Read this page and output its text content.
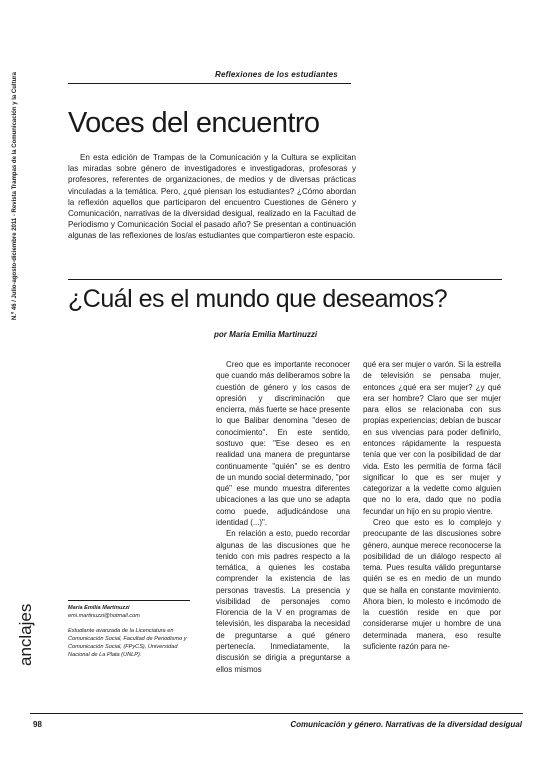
Reflexiones de los estudiantes
N.º 46 / Julio-agosto-diciembre 2011 - Revista Trampas de la Comunicación y la Cultura
anclajes
Voces del encuentro

En esta edición de Trampas de la Comunicación y la Cultura se explicitan las miradas sobre género de investigadores e investigadoras, profesoras y profesores, referentes de organizaciones, de medios y de diversas prácticas vinculadas a la temática. Pero, ¿qué piensan los estudiantes? ¿Cómo abordan la reflexión aquellos que participaron del encuentro Cuestiones de Género y Comunicación, narrativas de la diversidad desigual, realizado en la Facultad de Periodismo y Comunicación Social el pasado año? Se presentan a continuación algunas de las reflexiones de los/as estudiantes que compartieron este espacio.

¿Cuál es el mundo que deseamos?
por María Emilia Martinuzzi

Creo que es importante reconocer que cuando más deliberamos sobre la cuestión de género y los casos de opresión y discriminación que encierra, más fuerte se hace presente lo que Balibar denomina "deseo de conocimiento". En este sentido, sostuvo que: "Ese deseo es en realidad una manera de preguntarse continuamente "quién" se es dentro de un mundo social determinado, "por qué" ese mundo muestra diferentes ubicaciones a las que uno se adapta como puede, adjudicándose una identidad (...)".

En relación a esto, puedo recordar algunas de las discusiones que he tenido con mis padres respecto a la temática, a quienes les costaba comprender la existencia de las personas travestis. La presencia y visibilidad de personajes como Florencia de la V en programas de televisión, les disparaba la necesidad de preguntarse a qué género pertenecía. Inmediatamente, la discusión se dirigía a preguntarse a ellos mismos

qué era ser mujer o varón. Si la estrella de televisión se pensaba mujer, entonces ¿qué era ser mujer? ¿y qué era ser hombre? Claro que ser mujer para ellos se relacionaba con sus propias experiencias; debían de buscar en sus vivencias para poder definirlo, entonces rápidamente la respuesta tenía que ver con la posibilidad de dar vida. Esto les permitía de forma fácil significar lo que es ser mujer y categorizar a la vedette como alguien que no lo era, dado que no podía fecundar un hijo en su propio vientre.

Creo que esto es lo complejo y preocupante de las discusiones sobre género, aunque merece reconocerse la posibilidad de un diálogo respecto al tema. Pues resulta válido preguntarse quién se es en medio de un mundo que se halla en constante movimiento. Ahora bien, lo molesto e incómodo de la cuestión reside en que por considerarse mujer u hombre de una determinada manera, eso resulte suficiente razón para ne-

María Emilia Martinuzzi
emi.martinuzzi@hotmail.com
Estudiante avanzada de la Licenciatura en Comunicación Social, Facultad de Periodismo y Comunicación Social, (FPyCS), Universidad Nacional de La Plata (UNLP).
98	Comunicación y género. Narrativas de la diversidad desigual
